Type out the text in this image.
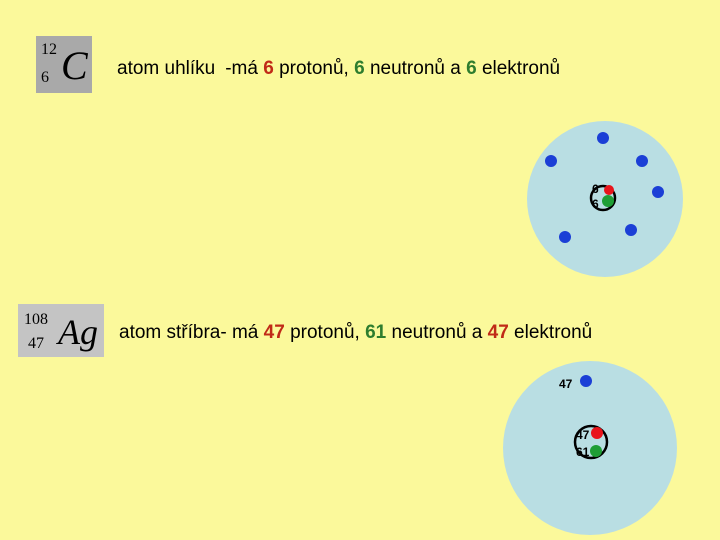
12
6 C atom uhlíku -má 6 protonů, 6 neutronů a 6 elektronů
108
47 Ag atom stříbra- má 47 protonů, 61 neutronů a 47 elektronů
6
6
47
61
47
